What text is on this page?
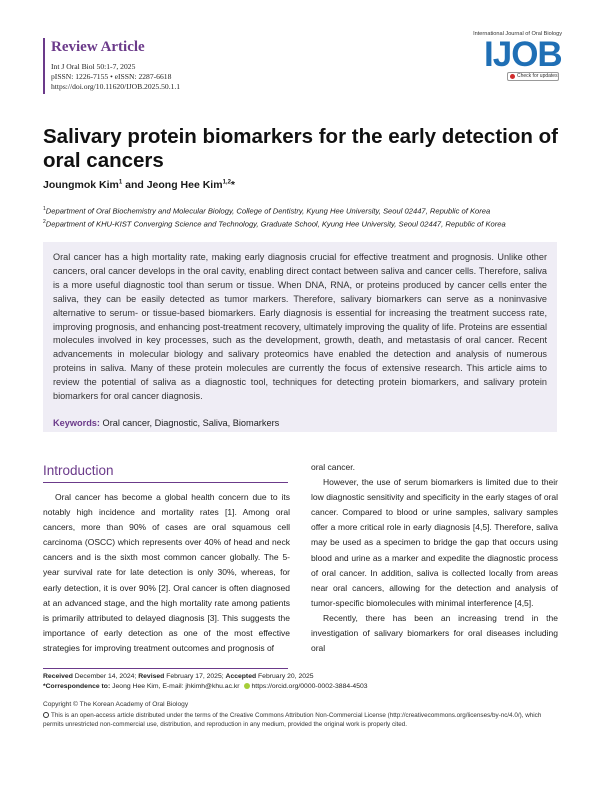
Review Article
Int J Oral Biol 50:1-7, 2025
pISSN: 1226-7155 • eISSN: 2287-6618
https://doi.org/10.11620/IJOB.2025.50.1.1
International Journal of Oral Biology
IJOB
Check for updates
Salivary protein biomarkers for the early detection of oral cancers
Joungmok Kim$^1$ and Jeong Hee Kim$^{1,2}$*
$^1$Department of Oral Biochemistry and Molecular Biology, College of Dentistry, Kyung Hee University, Seoul 02447, Republic of Korea
$^2$Department of KHU-KIST Converging Science and Technology, Graduate School, Kyung Hee University, Seoul 02447, Republic of Korea

Oral cancer has a high mortality rate, making early diagnosis crucial for effective treatment and prognosis. Unlike other cancers, oral cancer develops in the oral cavity, enabling direct contact between saliva and cancer cells. Therefore, saliva is a more useful diagnostic tool than serum or tissue. When DNA, RNA, or proteins produced by cancer cells enter the saliva, they can be easily detected as tumor markers. Therefore, salivary biomarkers can serve as a noninvasive alternative to serum- or tissue-based biomarkers. Early diagnosis is essential for increasing the treatment success rate, improving prognosis, and enhancing post-treatment recovery, ultimately improving the quality of life. Proteins are essential molecules involved in key processes, such as the development, growth, death, and metastasis of oral cancer. Recent advancements in molecular biology and salivary proteomics have enabled the detection and analysis of numerous proteins in saliva. Many of these protein molecules are currently the focus of extensive research. This article aims to review the potential of saliva as a diagnostic tool, techniques for detecting protein biomarkers, and salivary protein biomarkers for oral cancer diagnosis.

Keywords: Oral cancer, Diagnostic, Saliva, Biomarkers
Introduction

Oral cancer has become a global health concern due to its notably high incidence and mortality rates [1]. Among oral cancers, more than 90% of cases are oral squamous cell carcinoma (OSCC) which represents over 40% of head and neck cancers and is the sixth most common cancer globally. The 5-year survival rate for late detection is only 30%, whereas, for early detection, it is over 90% [2]. Oral cancer is often diagnosed at an advanced stage, and the high mortality rate among patients is primarily attributed to delayed diagnosis [3]. This suggests the importance of early detection as one of the most effective strategies for improving treatment outcomes and prognosis of

oral cancer.

However, the use of serum biomarkers is limited due to their low diagnostic sensitivity and specificity in the early stages of oral cancer. Compared to blood or urine samples, salivary samples offer a more critical role in early diagnosis [4,5]. Therefore, saliva may be used as a specimen to bridge the gap that occurs using blood and urine as a marker and expedite the diagnostic process of oral cancer. In addition, saliva is collected locally from areas near oral cancers, allowing for the detection and analysis of tumor-specific biomolecules with minimal interference [4,5].

Recently, there has been an increasing trend in the investigation of salivary biomarkers for oral diseases including oral

Received December 14, 2024; Revised February 17, 2025; Accepted February 20, 2025
*Correspondence to: Jeong Hee Kim, E-mail: jhkimh@khu.ac.kr https://orcid.org/0000-0002-3884-4503
Copyright © The Korean Academy of Oral Biology
This is an open-access article distributed under the terms of the Creative Commons Attribution Non-Commercial License (http://creativecommons.org/licenses/by-nc/4.0/), which permits unrestricted non-commercial use, distribution, and reproduction in any medium, provided the original work is properly cited.
